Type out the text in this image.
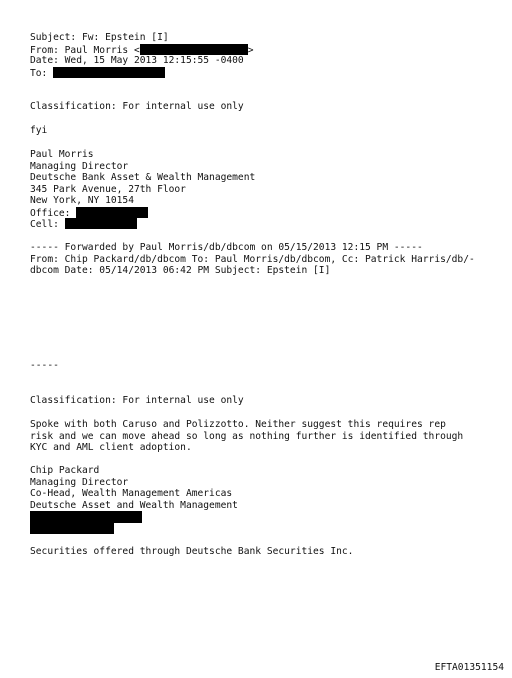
Subject: Fw: Epstein [I]
From: Paul Morris <	>
Date: Wed, 15 May 2013 12:15:55 -0400
To:
Classification: For internal use only
fyi
Paul Morris
Managing Director
Deutsche Bank Asset & Wealth Management
345 Park Avenue, 27th Floor
New York, NY 10154
Office:
Cell:
----- Forwarded by Paul Morris/db/dbcom on 05/15/2013 12:15 PM -----
From: Chip Packard/db/dbcom To: Paul Morris/db/dbcom, Cc: Patrick Harris/db/-
dbcom Date: 05/14/2013 06:42 PM Subject: Epstein [I]
-----
Classification: For internal use only
Spoke with both Caruso and Polizzotto. Neither suggest this requires rep
risk and we can move ahead so long as nothing further is identified through
KYC and AML client adoption.
Chip Packard
Managing Director
Co-Head, Wealth Management Americas
Deutsche Asset and Wealth Management
Securities offered through Deutsche Bank Securities Inc.
EFTA01351154
